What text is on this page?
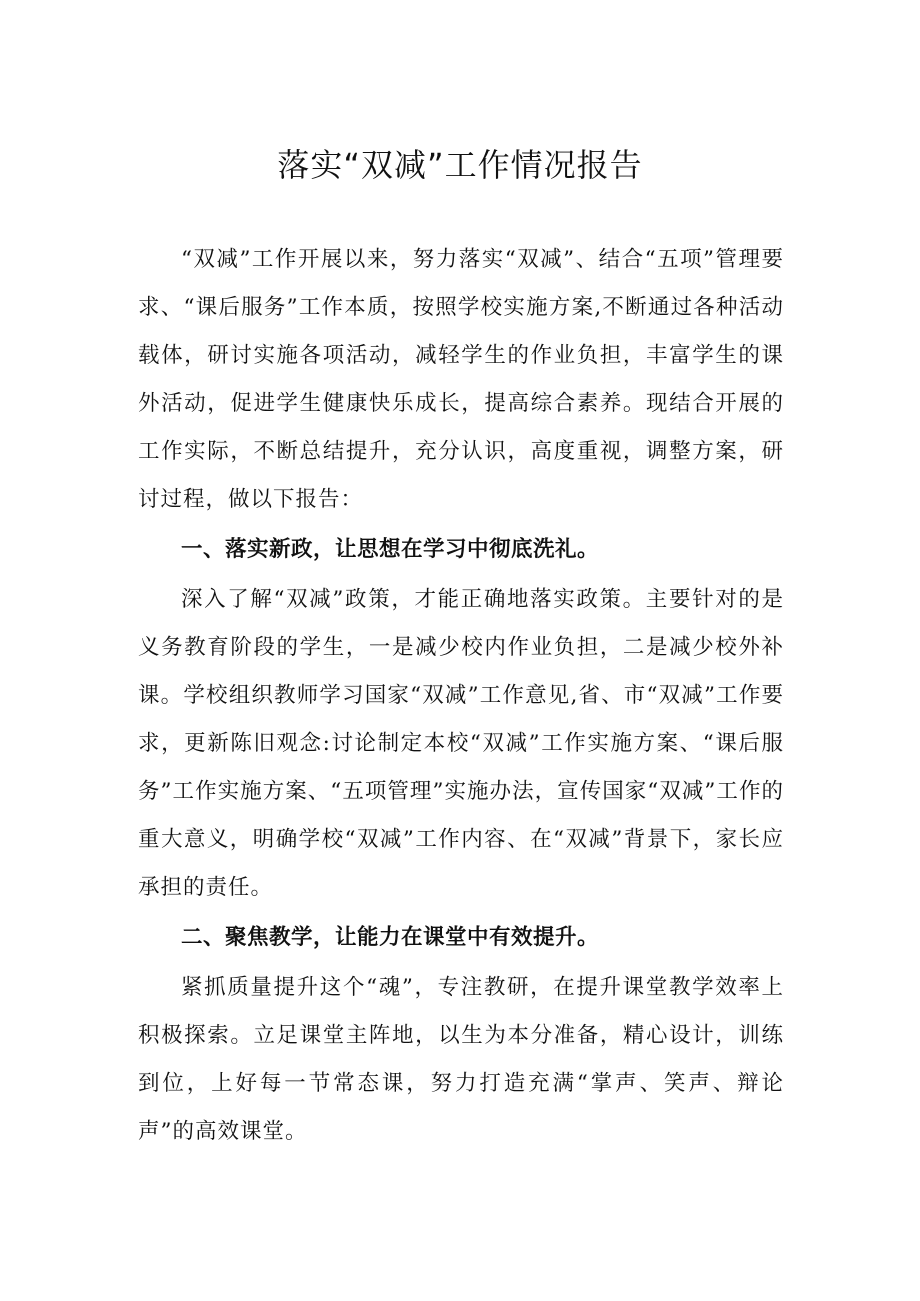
落实“双减”工作情况报告

“双减”工作开展以来，努力落实“双减”、结合“五项”管理要求、“课后服务”工作本质，按照学校实施方案,不断通过各种活动载体，研讨实施各项活动，减轻学生的作业负担，丰富学生的课外活动，促进学生健康快乐成长，提高综合素养。现结合开展的工作实际，不断总结提升，充分认识，高度重视，调整方案，研讨过程，做以下报告：

一、落实新政，让思想在学习中彻底洗礼。

深入了解“双减”政策，才能正确地落实政策。主要针对的是义务教育阶段的学生，一是减少校内作业负担，二是减少校外补课。学校组织教师学习国家“双减”工作意见,省、市“双减”工作要求，更新陈旧观念:讨论制定本校“双减”工作实施方案、“课后服务”工作实施方案、“五项管理”实施办法，宣传国家“双减”工作的重大意义，明确学校“双减”工作内容、在“双减”背景下，家长应承担的责任。

二、聚焦教学，让能力在课堂中有效提升。

紧抓质量提升这个“魂”，专注教研，在提升课堂教学效率上积极探索。立足课堂主阵地，以生为本分准备，精心设计，训练到位，上好每一节常态课，努力打造充满“掌声、笑声、辩论声”的高效课堂。
